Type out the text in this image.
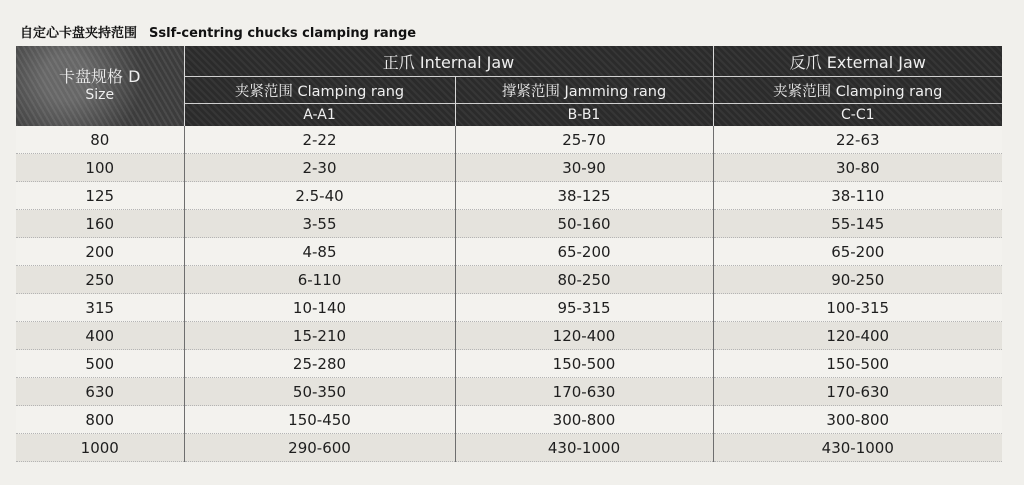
自定心卡盘夹持范围 Sslf-centring chucks clamping range
卡盘规格 D
Size	正爪 Internal Jaw		反爪 External Jaw
	夹紧范围 Clamping rang	撑紧范围 Jamming rang	夹紧范围 Clamping rang
	A-A1	B-B1	C-C1
80	2-22	25-70	22-63
100	2-30	30-90	30-80
125	2.5-40	38-125	38-110
160	3-55	50-160	55-145
200	4-85	65-200	65-200
250	6-110	80-250	90-250
315	10-140	95-315	100-315
400	15-210	120-400	120-400
500	25-280	150-500	150-500
630	50-350	170-630	170-630
800	150-450	300-800	300-800
1000	290-600	430-1000	430-1000
